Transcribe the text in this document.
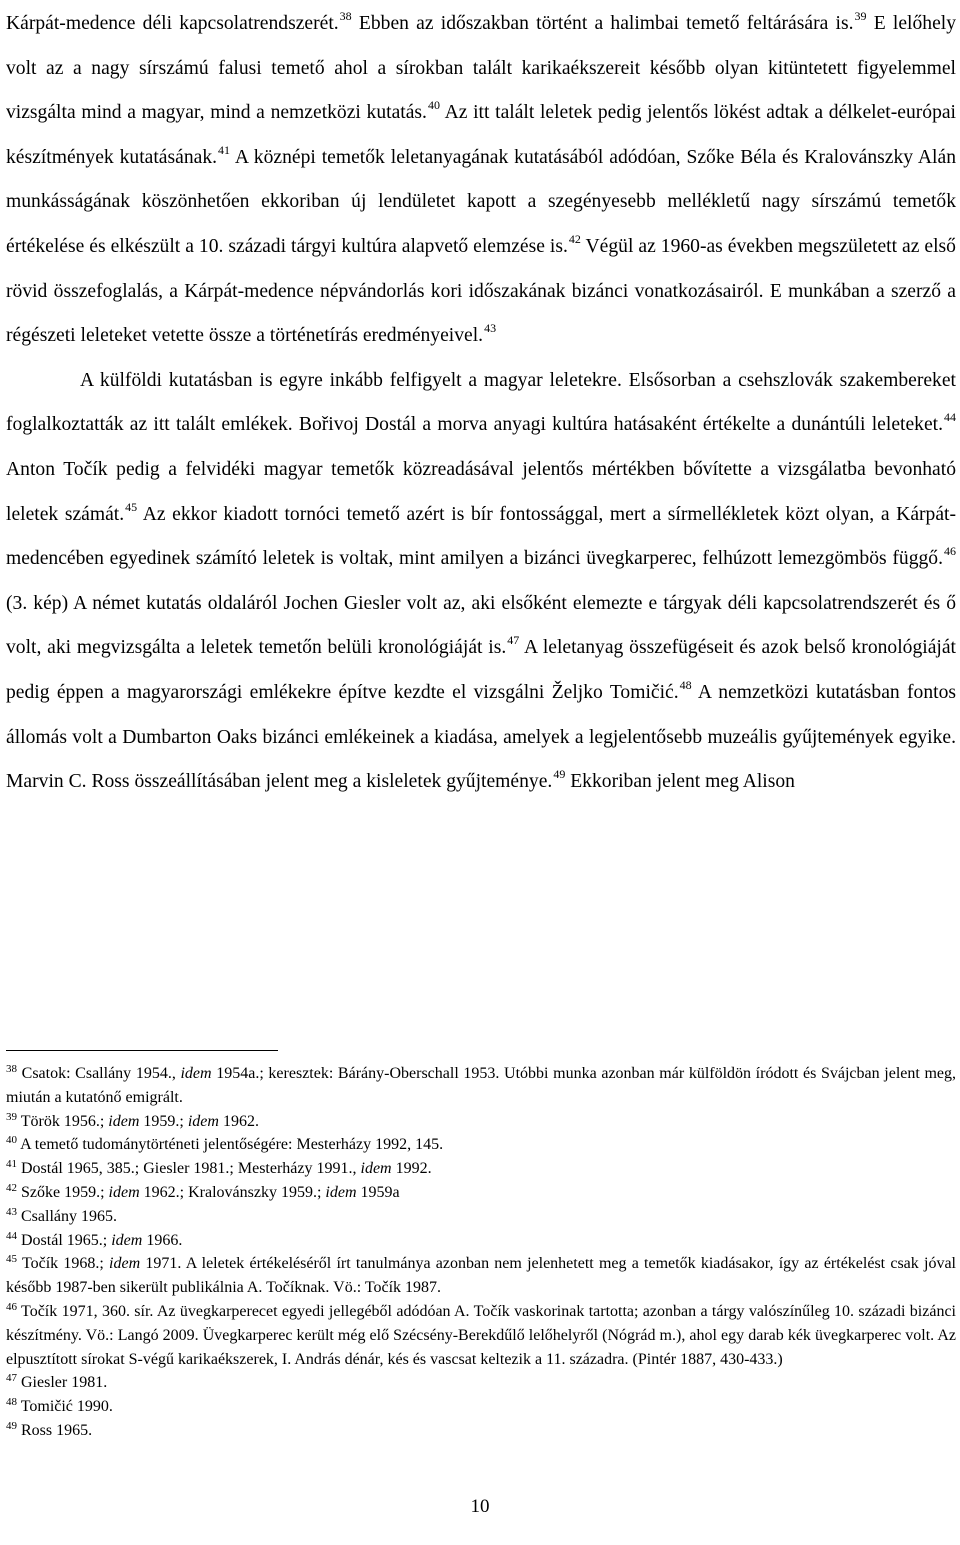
Kárpát-medence déli kapcsolatrendszerét.$^{38}$ Ebben az időszakban történt a halimbai temető feltárására is.$^{39}$ E lelőhely volt az a nagy sírszámú falusi temető ahol a sírokban talált karikaékszereit később olyan kitüntetett figyelemmel vizsgálta mind a magyar, mind a nemzetközi kutatás.$^{40}$ Az itt talált leletek pedig jelentős lökést adtak a délkelet-európai készítmények kutatásának.$^{41}$ A köznépi temetők leletanyagának kutatásából adódóan, Szőke Béla és Kralovánszky Alán munkásságának köszönhetően ekkoriban új lendületet kapott a szegényesebb mellékletű nagy sírszámú temetők értékelése és elkészült a 10. századi tárgyi kultúra alapvető elemzése is.$^{42}$ Végül az 1960-as években megszületett az első rövid összefoglalás, a Kárpát-medence népvándorlás kori időszakának bizánci vonatkozásairól. E munkában a szerző a régészeti leleteket vetette össze a történetírás eredményeivel.$^{43}$

A külföldi kutatásban is egyre inkább felfigyelt a magyar leletekre. Elsősorban a csehszlovák szakembereket foglalkoztatták az itt talált emlékek. Bořivoj Dostál a morva anyagi kultúra hatásaként értékelte a dunántúli leleteket.$^{44}$ Anton Točík pedig a felvidéki magyar temetők közreadásával jelentős mértékben bővítette a vizsgálatba bevonható leletek számát.$^{45}$ Az ekkor kiadott tornóci temető azért is bír fontossággal, mert a sírmellékletek közt olyan, a Kárpát-medencében egyedinek számító leletek is voltak, mint amilyen a bizánci üvegkarperec, felhúzott lemezgömbös függő.$^{46}$ (3. kép) A német kutatás oldaláról Jochen Giesler volt az, aki elsőként elemezte e tárgyak déli kapcsolatrendszerét és ő volt, aki megvizsgálta a leletek temetőn belüli kronológiáját is.$^{47}$ A leletanyag összefügéseit és azok belső kronológiáját pedig éppen a magyarországi emlékekre építve kezdte el vizsgálni Željko Tomičić.$^{48}$ A nemzetközi kutatásban fontos állomás volt a Dumbarton Oaks bizánci emlékeinek a kiadása, amelyek a legjelentősebb muzeális gyűjtemények egyike. Marvin C. Ross összeállításában jelent meg a kisleletek gyűjteménye.$^{49}$ Ekkoriban jelent meg Alison

$^{38}$ Csatok: Csallány 1954., idem 1954a.; keresztek: Bárány-Oberschall 1953. Utóbbi munka azonban már külföldön íródott és Svájcban jelent meg, miután a kutatónő emigrált.

$^{39}$ Török 1956.; idem 1959.; idem 1962.

$^{40}$ A temető tudománytörténeti jelentőségére: Mesterházy 1992, 145.

$^{41}$ Dostál 1965, 385.; Giesler 1981.; Mesterházy 1991., idem 1992.

$^{42}$ Szőke 1959.; idem 1962.; Kralovánszky 1959.; idem 1959a

$^{43}$ Csallány 1965.

$^{44}$ Dostál 1965.; idem 1966.

$^{45}$ Točík 1968.; idem 1971. A leletek értékeléséről írt tanulmánya azonban nem jelenhetett meg a temetők kiadásakor, így az értékelést csak jóval később 1987-ben sikerült publikálnia A. Točíknak. Vö.: Točík 1987.

$^{46}$ Točík 1971, 360. sír. Az üvegkarperecet egyedi jellegéből adódóan A. Točík vaskorinak tartotta; azonban a tárgy valószínűleg 10. századi bizánci készítmény. Vö.: Langó 2009. Üvegkarperec került még elő Szécsény-Berekdűlő lelőhelyről (Nógrád m.), ahol egy darab kék üvegkarperec volt. Az elpusztított sírokat S-végű karikaékszerek, I. András dénár, kés és vascsat keltezik a 11. századra. (Pintér 1887, 430-433.)

$^{47}$ Giesler 1981.

$^{48}$ Tomičić 1990.

$^{49}$ Ross 1965.

10
